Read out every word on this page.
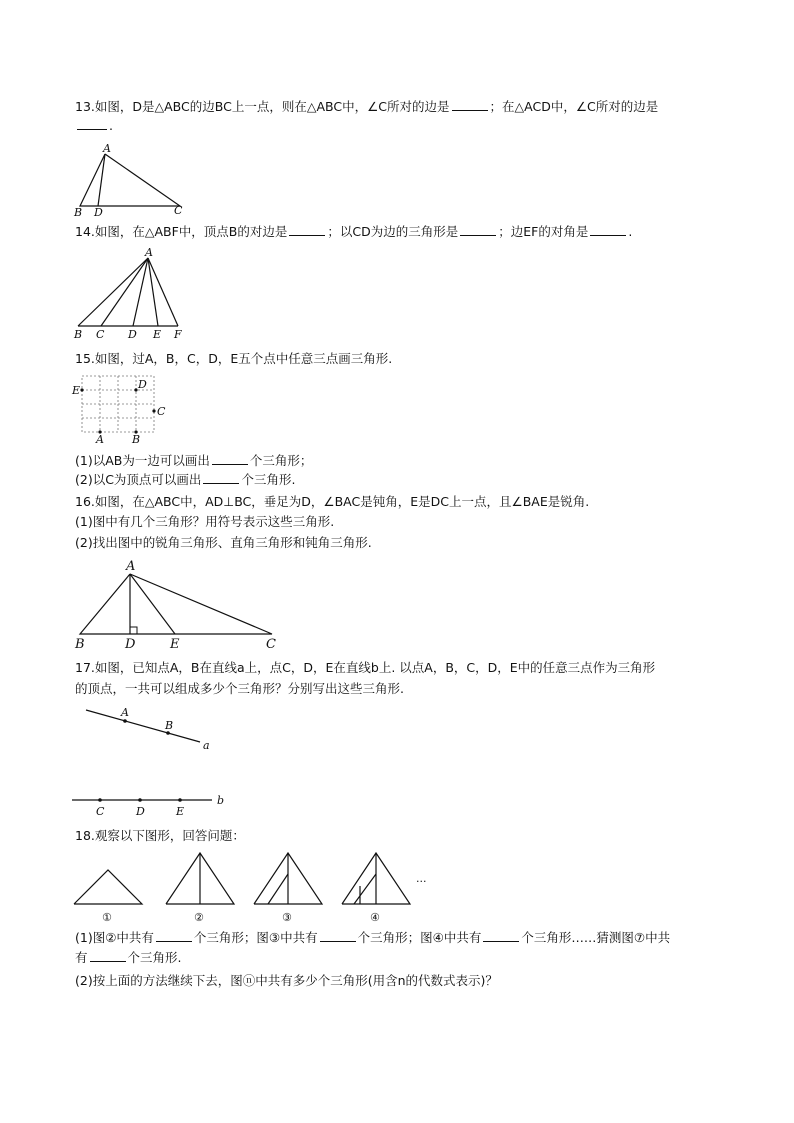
13.如图，D是△ABC的边BC上一点，则在△ABC中，∠C所对的边是	；在△ACD中，∠C所对的边是
.
A
B D	C
14.如图，在△ABF中，顶点B的对边是	；以CD为边的三角形是	；边EF的对角是	.
A
B C D E F
15.如图，过A，B，C，D，E五个点中任意三点画三角形.
E	D
C
A	B
(1)以AB为一边可以画出	个三角形；
(2)以C为顶点可以画出	个三角形.
16.如图，在△ABC中，AD⊥BC，垂足为D，∠BAC是钝角，E是DC上一点，且∠BAE是锐角.
(1)图中有几个三角形？用符号表示这些三角形.
(2)找出图中的锐角三角形、直角三角形和钝角三角形.
A
B	D	E	C
17.如图，已知点A，B在直线a上，点C，D，E在直线b上. 以点A，B，C，D，E中的任意三点作为三角形
的顶点，一共可以组成多少个三角形？分别写出这些三角形.
A
B
a
C	D	E
b
18.观察以下图形，回答问题：
···
①	②	③	④
(1)图②中共有	个三角形；图③中共有	个三角形；图④中共有	个三角形……猜测图⑦中共
有	个三角形.
(2)按上面的方法继续下去，图ⓝ中共有多少个三角形(用含n的代数式表示)？
